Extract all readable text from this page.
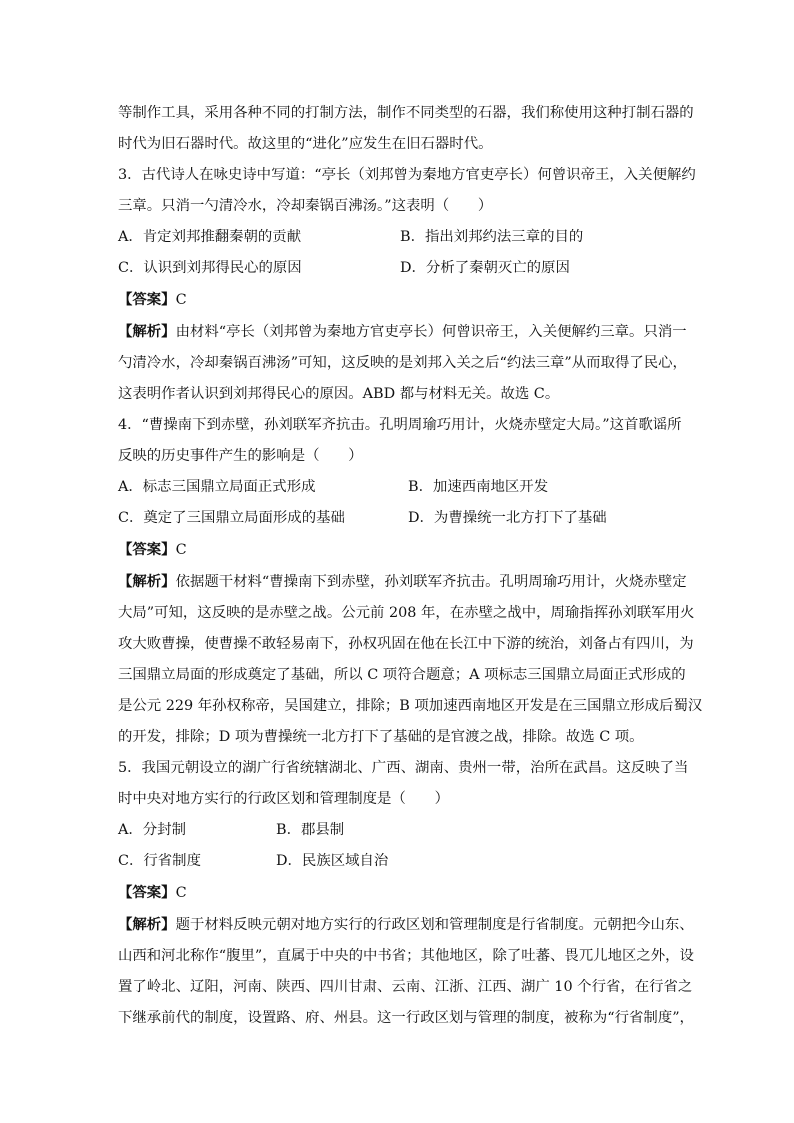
等制作工具，采用各种不同的打制方法，制作不同类型的石器，我们称使用这种打制石器的
时代为旧石器时代。故这里的“进化”应发生在旧石器时代。
3．古代诗人在咏史诗中写道：“亭长（刘邦曾为秦地方官吏亭长）何曾识帝王，入关便解约
三章。只消一勺清冷水，冷却秦锅百沸汤。”这表明（　　）
A．肯定刘邦推翻秦朝的贡献	B．指出刘邦约法三章的目的
C．认识到刘邦得民心的原因	D．分析了秦朝灭亡的原因
【答案】C
【解析】由材料“亭长（刘邦曾为秦地方官吏亭长）何曾识帝王，入关便解约三章。只消一
勺清冷水，冷却秦锅百沸汤”可知，这反映的是刘邦入关之后“约法三章”从而取得了民心，
这表明作者认识到刘邦得民心的原因。ABD 都与材料无关。故选 C。
4．“曹操南下到赤壁，孙刘联军齐抗击。孔明周瑜巧用计，火烧赤壁定大局。”这首歌谣所
反映的历史事件产生的影响是（　　）
A．标志三国鼎立局面正式形成	B．加速西南地区开发
C．奠定了三国鼎立局面形成的基础	D．为曹操统一北方打下了基础
【答案】C
【解析】依据题干材料“曹操南下到赤壁，孙刘联军齐抗击。孔明周瑜巧用计，火烧赤壁定
大局”可知，这反映的是赤壁之战。公元前 208 年，在赤壁之战中，周瑜指挥孙刘联军用火
攻大败曹操，使曹操不敢轻易南下，孙权巩固在他在长江中下游的统治，刘备占有四川，为
三国鼎立局面的形成奠定了基础，所以 C 项符合题意；A 项标志三国鼎立局面正式形成的
是公元 229 年孙权称帝，吴国建立，排除；B 项加速西南地区开发是在三国鼎立形成后蜀汉
的开发，排除；D 项为曹操统一北方打下了基础的是官渡之战，排除。故选 C 项。
5．我国元朝设立的湖广行省统辖湖北、广西、湖南、贵州一带，治所在武昌。这反映了当
时中央对地方实行的行政区划和管理制度是（　　）
A．分封制	B．郡县制
C．行省制度	D．民族区域自治
【答案】C
【解析】题于材料反映元朝对地方实行的行政区划和管理制度是行省制度。元朝把今山东、
山西和河北称作“腹里”，直属于中央的中书省；其他地区，除了吐蕃、畏兀儿地区之外，设
置了岭北、辽阳，河南、陕西、四川甘肃、云南、江浙、江西、湖广 10 个行省，在行省之
下继承前代的制度，设置路、府、州县。这一行政区划与管理的制度，被称为“行省制度”，
